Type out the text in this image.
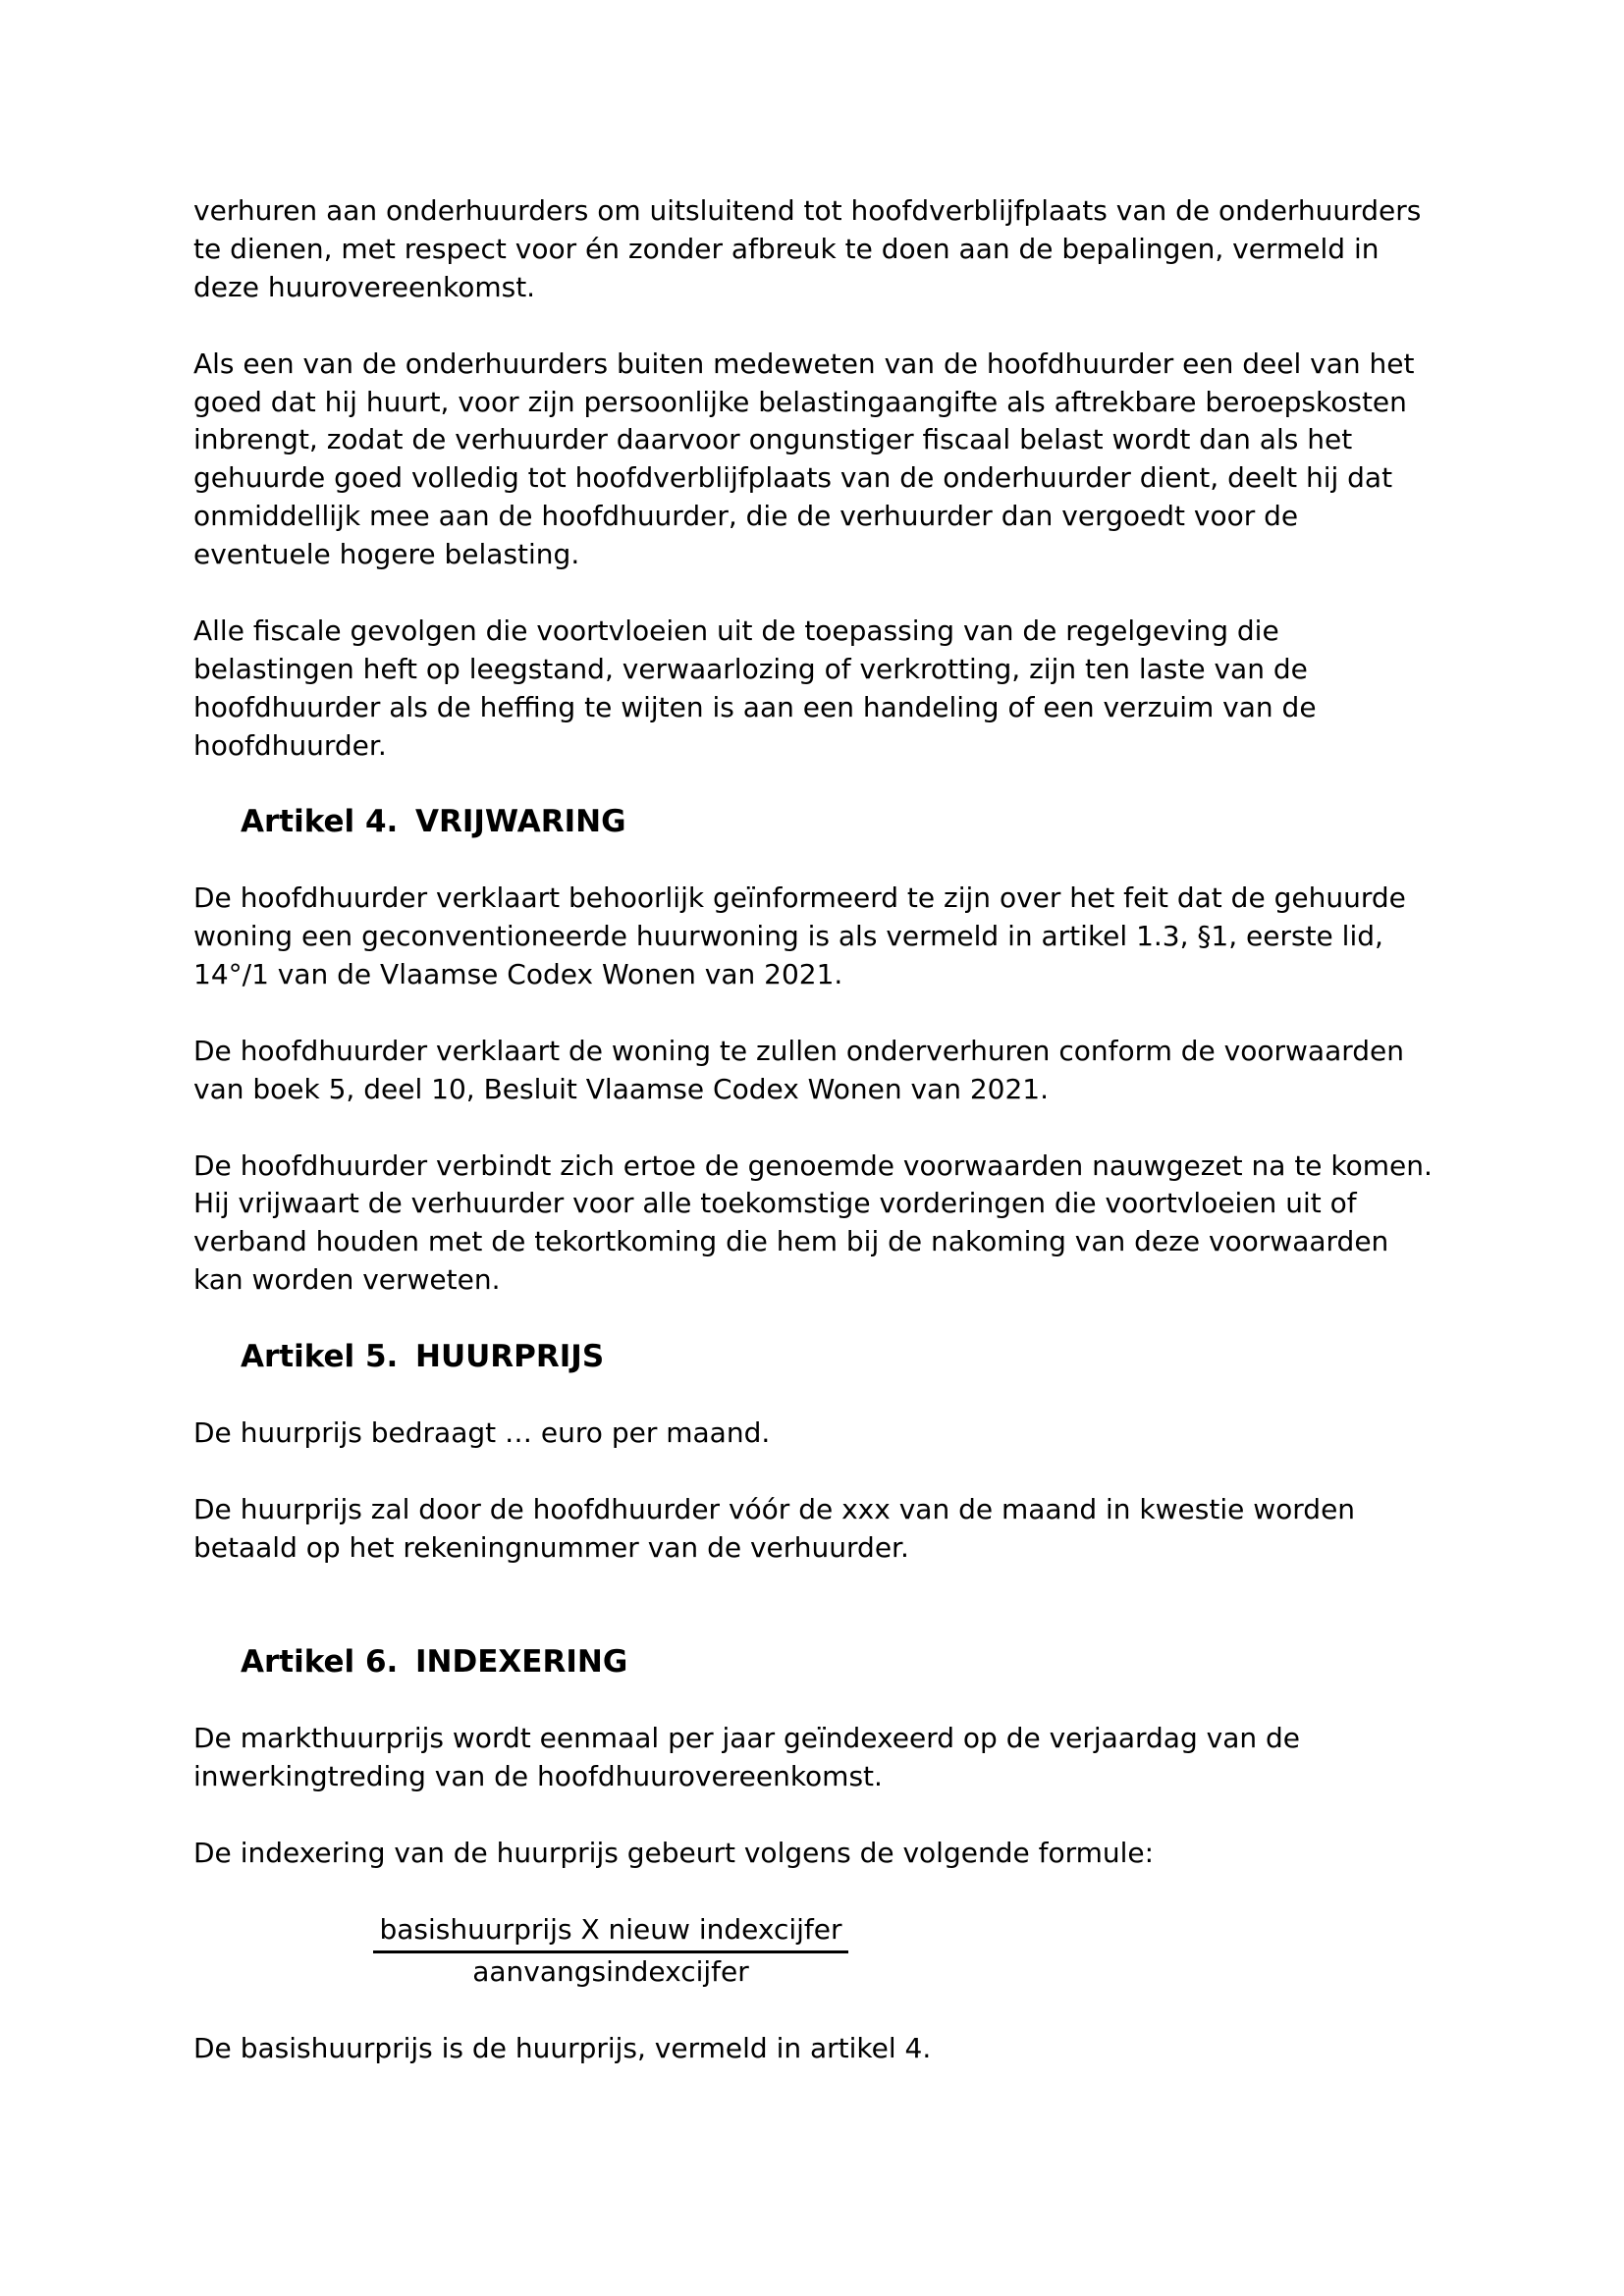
verhuren aan onderhuurders om uitsluitend tot hoofdverblijfplaats van de onderhuurders
te dienen, met respect voor én zonder afbreuk te doen aan de bepalingen, vermeld in
deze huurovereenkomst.
Als een van de onderhuurders buiten medeweten van de hoofdhuurder een deel van het
goed dat hij huurt, voor zijn persoonlijke belastingaangifte als aftrekbare beroepskosten
inbrengt, zodat de verhuurder daarvoor ongunstiger fiscaal belast wordt dan als het
gehuurde goed volledig tot hoofdverblijfplaats van de onderhuurder dient, deelt hij dat
onmiddellijk mee aan de hoofdhuurder, die de verhuurder dan vergoedt voor de
eventuele hogere belasting.
Alle fiscale gevolgen die voortvloeien uit de toepassing van de regelgeving die
belastingen heft op leegstand, verwaarlozing of verkrotting, zijn ten laste van de
hoofdhuurder als de heffing te wijten is aan een handeling of een verzuim van de
hoofdhuurder.
Artikel 4. VRIJWARING
De hoofdhuurder verklaart behoorlijk geïnformeerd te zijn over het feit dat de gehuurde
woning een geconventioneerde huurwoning is als vermeld in artikel 1.3, §1, eerste lid,
14°/1 van de Vlaamse Codex Wonen van 2021.
De hoofdhuurder verklaart de woning te zullen onderverhuren conform de voorwaarden
van boek 5, deel 10, Besluit Vlaamse Codex Wonen van 2021.
De hoofdhuurder verbindt zich ertoe de genoemde voorwaarden nauwgezet na te komen.
Hij vrijwaart de verhuurder voor alle toekomstige vorderingen die voortvloeien uit of
verband houden met de tekortkoming die hem bij de nakoming van deze voorwaarden
kan worden verweten.
Artikel 5. HUURPRIJS
De huurprijs bedraagt … euro per maand.
De huurprijs zal door de hoofdhuurder vóór de xxx van de maand in kwestie worden
betaald op het rekeningnummer van de verhuurder.
Artikel 6. INDEXERING
De markthuurprijs wordt eenmaal per jaar geïndexeerd op de verjaardag van de
inwerkingtreding van de hoofdhuurovereenkomst.
De indexering van de huurprijs gebeurt volgens de volgende formule:
basishuurprijs X nieuw indexcijfer
aanvangsindexcijfer
De basishuurprijs is de huurprijs, vermeld in artikel 4.
